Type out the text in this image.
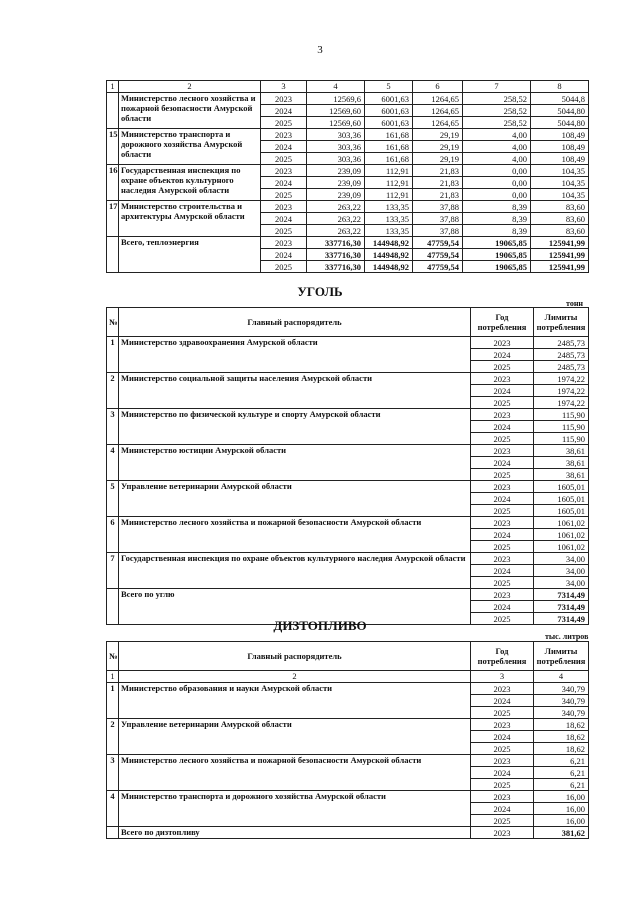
3
1	2	3	4	5	6	7	8
	Министерство лесного хозяйства и пожарной безопасности Амурской области	2023	12569,6	6001,63	1264,65	258,52	5044,8
		2024	12569,60	6001,63	1264,65	258,52	5044,80
		2025	12569,60	6001,63	1264,65	258,52	5044,80
15	Министерство транспорта и дорожного хозяйства Амурской области	2023	303,36	161,68	29,19	4,00	108,49
		2024	303,36	161,68	29,19	4,00	108,49
		2025	303,36	161,68	29,19	4,00	108,49
16	Государственная инспекция по охране объектов культурного наследия Амурской области	2023	239,09	112,91	21,83	0,00	104,35
		2024	239,09	112,91	21,83	0,00	104,35
		2025	239,09	112,91	21,83	0,00	104,35
17	Министерство строительства и архитектуры Амурской области	2023	263,22	133,35	37,88	8,39	83,60
		2024	263,22	133,35	37,88	8,39	83,60
		2025	263,22	133,35	37,88	8,39	83,60
	Всего, теплоэнергия	2023	337716,30	144948,92	47759,54	19065,85	125941,99
		2024	337716,30	144948,92	47759,54	19065,85	125941,99
		2025	337716,30	144948,92	47759,54	19065,85	125941,99
УГОЛЬ
тонн
№	Главный распорядитель	Год потребления	Лимиты потребления
1	Министерство здравоохранения Амурской области	2023	2485,73
		2024	2485,73
		2025	2485,73
2	Министерство социальной защиты населения Амурской области	2023	1974,22
		2024	1974,22
		2025	1974,22
3	Министерство по физической культуре и спорту Амурской области	2023	115,90
		2024	115,90
		2025	115,90
4	Министерство юстиции Амурской области	2023	38,61
		2024	38,61
		2025	38,61
5	Управление ветеринарии Амурской области	2023	1605,01
		2024	1605,01
		2025	1605,01
6	Министерство лесного хозяйства и пожарной безопасности Амурской области	2023	1061,02
		2024	1061,02
		2025	1061,02
7	Государственная инспекция по охране объектов культурного наследия Амурской области	2023	34,00
		2024	34,00
		2025	34,00
	Всего по углю	2023	7314,49
		2024	7314,49
		2025	7314,49
ДИЗТОПЛИВО
тыс. литров
№	Главный распорядитель	Год потребления	Лимиты потребления
1	2	3	4
1	Министерство образования и науки Амурской области	2023	340,79
		2024	340,79
		2025	340,79
2	Управление ветеринарии Амурской области	2023	18,62
		2024	18,62
		2025	18,62
3	Министерство лесного хозяйства и пожарной безопасности Амурской области	2023	6,21
		2024	6,21
		2025	6,21
4	Министерство транспорта и дорожного хозяйства Амурской области	2023	16,00
		2024	16,00
		2025	16,00
	Всего по дизтопливу	2023	381,62
